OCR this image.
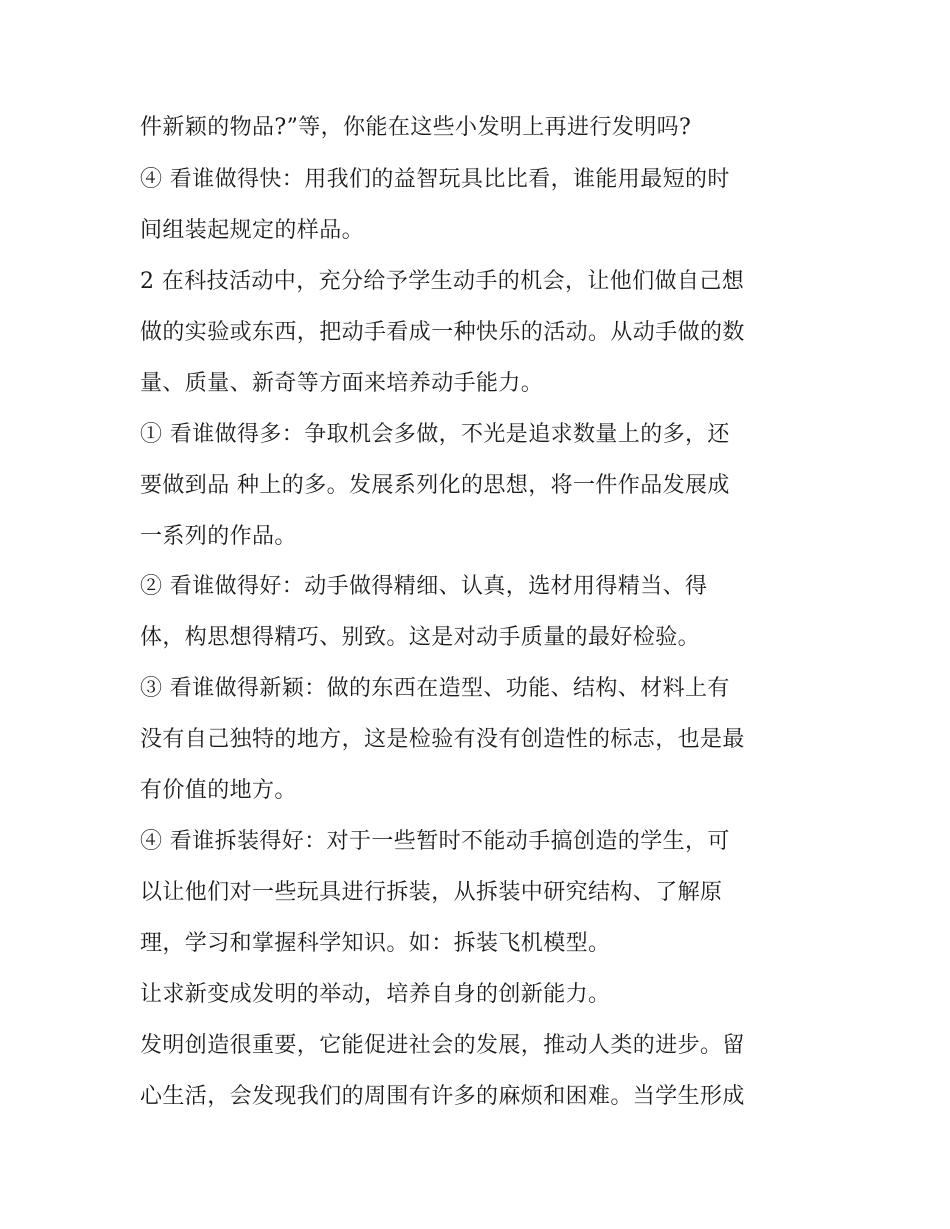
件新颖的物品?”等，你能在这些小发明上再进行发明吗?
④ 看谁做得快：用我们的益智玩具比比看，谁能用最短的时
间组装起规定的样品。
2 在科技活动中，充分给予学生动手的机会，让他们做自己想
做的实验或东西，把动手看成一种快乐的活动。从动手做的数
量、质量、新奇等方面来培养动手能力。
① 看谁做得多：争取机会多做，不光是追求数量上的多，还
要做到品 种上的多。发展系列化的思想，将一件作品发展成
一系列的作品。
② 看谁做得好：动手做得精细、认真，选材用得精当、得
体，构思想得精巧、别致。这是对动手质量的最好检验。
③ 看谁做得新颖：做的东西在造型、功能、结构、材料上有
没有自己独特的地方，这是检验有没有创造性的标志，也是最
有价值的地方。
④ 看谁拆装得好：对于一些暂时不能动手搞创造的学生，可
以让他们对一些玩具进行拆装，从拆装中研究结构、了解原
理，学习和掌握科学知识。如：拆装飞机模型。
让求新变成发明的举动，培养自身的创新能力。
发明创造很重要，它能促进社会的发展，推动人类的进步。留
心生活，会发现我们的周围有许多的麻烦和困难。当学生形成
